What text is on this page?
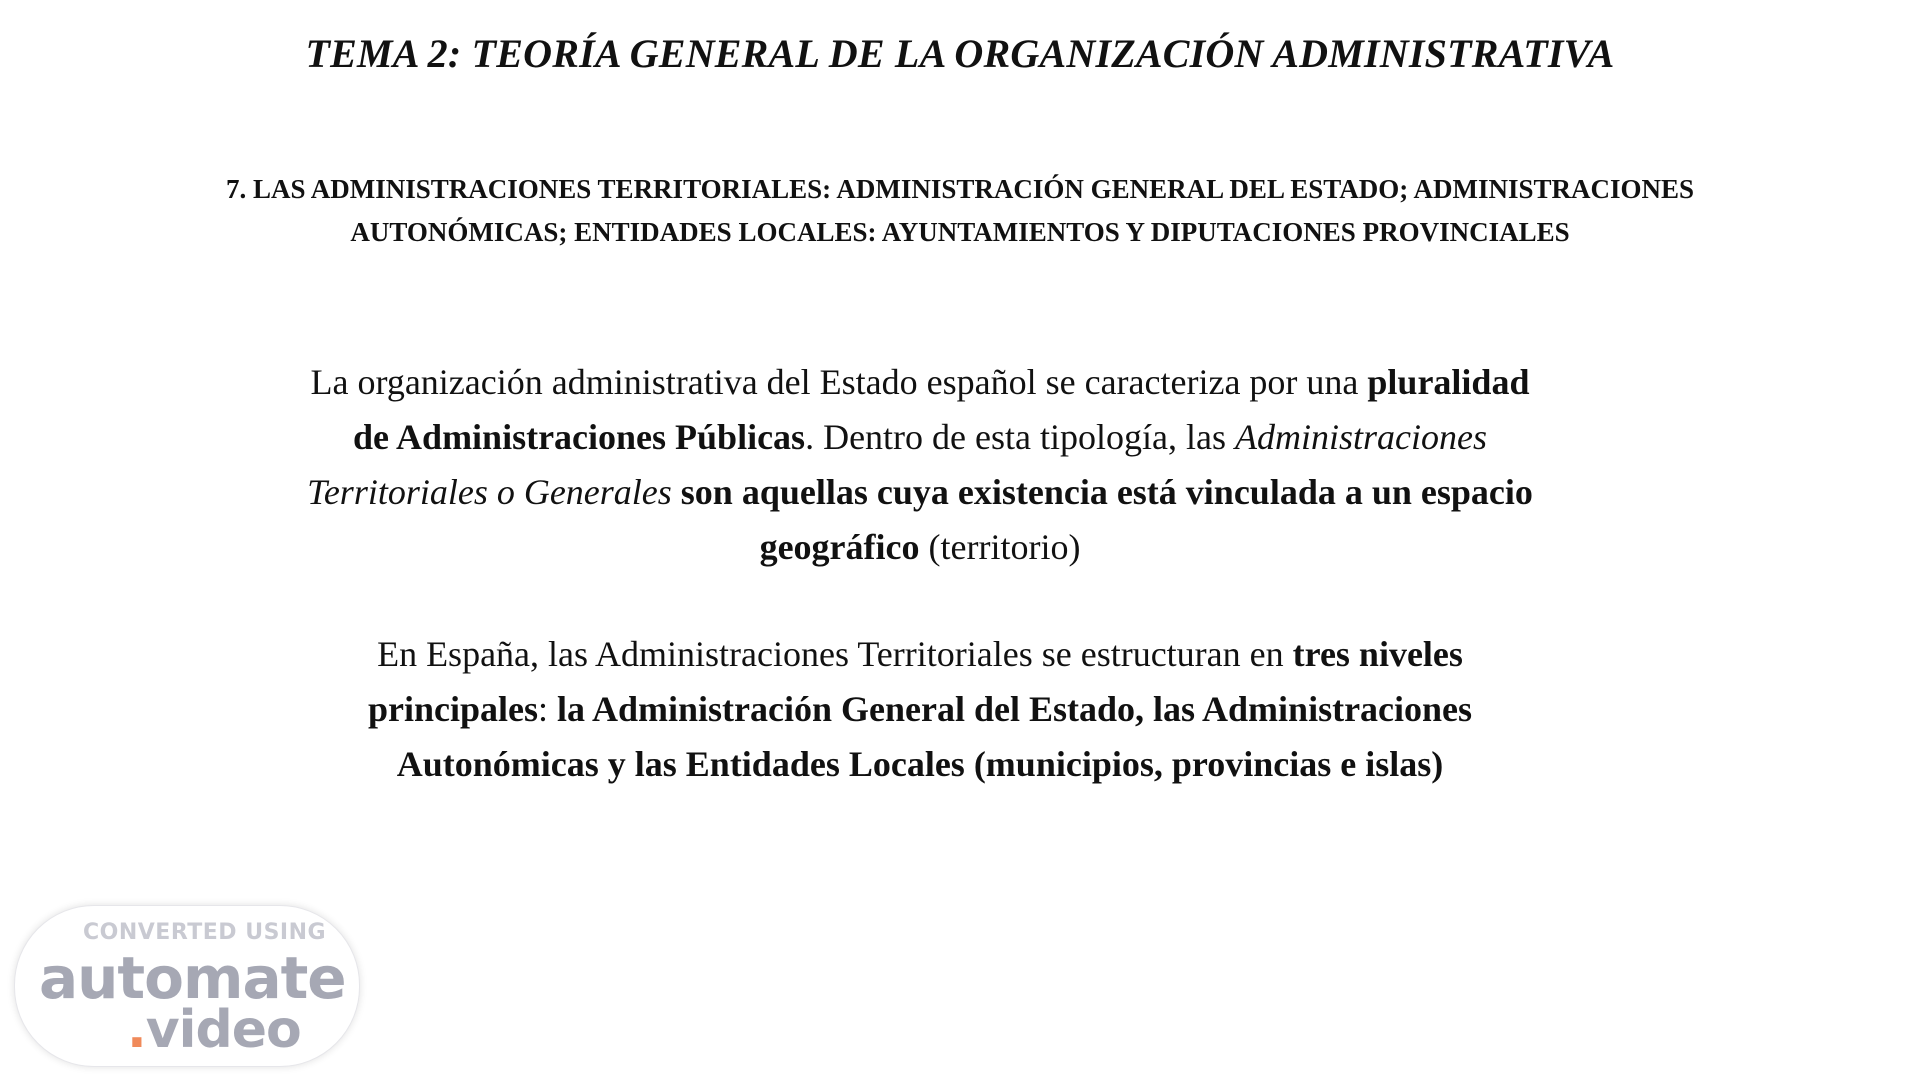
TEMA 2: TEORÍA GENERAL DE LA ORGANIZACIÓN ADMINISTRATIVA
7. LAS ADMINISTRACIONES TERRITORIALES: ADMINISTRACIÓN GENERAL DEL ESTADO; ADMINISTRACIONES
AUTONÓMICAS; ENTIDADES LOCALES: AYUNTAMIENTOS Y DIPUTACIONES PROVINCIALES
La organización administrativa del Estado español se caracteriza por una pluralidad de Administraciones Públicas. Dentro de esta tipología, las Administraciones Territoriales o Generales son aquellas cuya existencia está vinculada a un espacio geográfico (territorio)
En España, las Administraciones Territoriales se estructuran en tres niveles principales: la Administración General del Estado, las Administraciones Autonómicas y las Entidades Locales (municipios, provincias e islas)
CONVERTED USING
automate
.video
